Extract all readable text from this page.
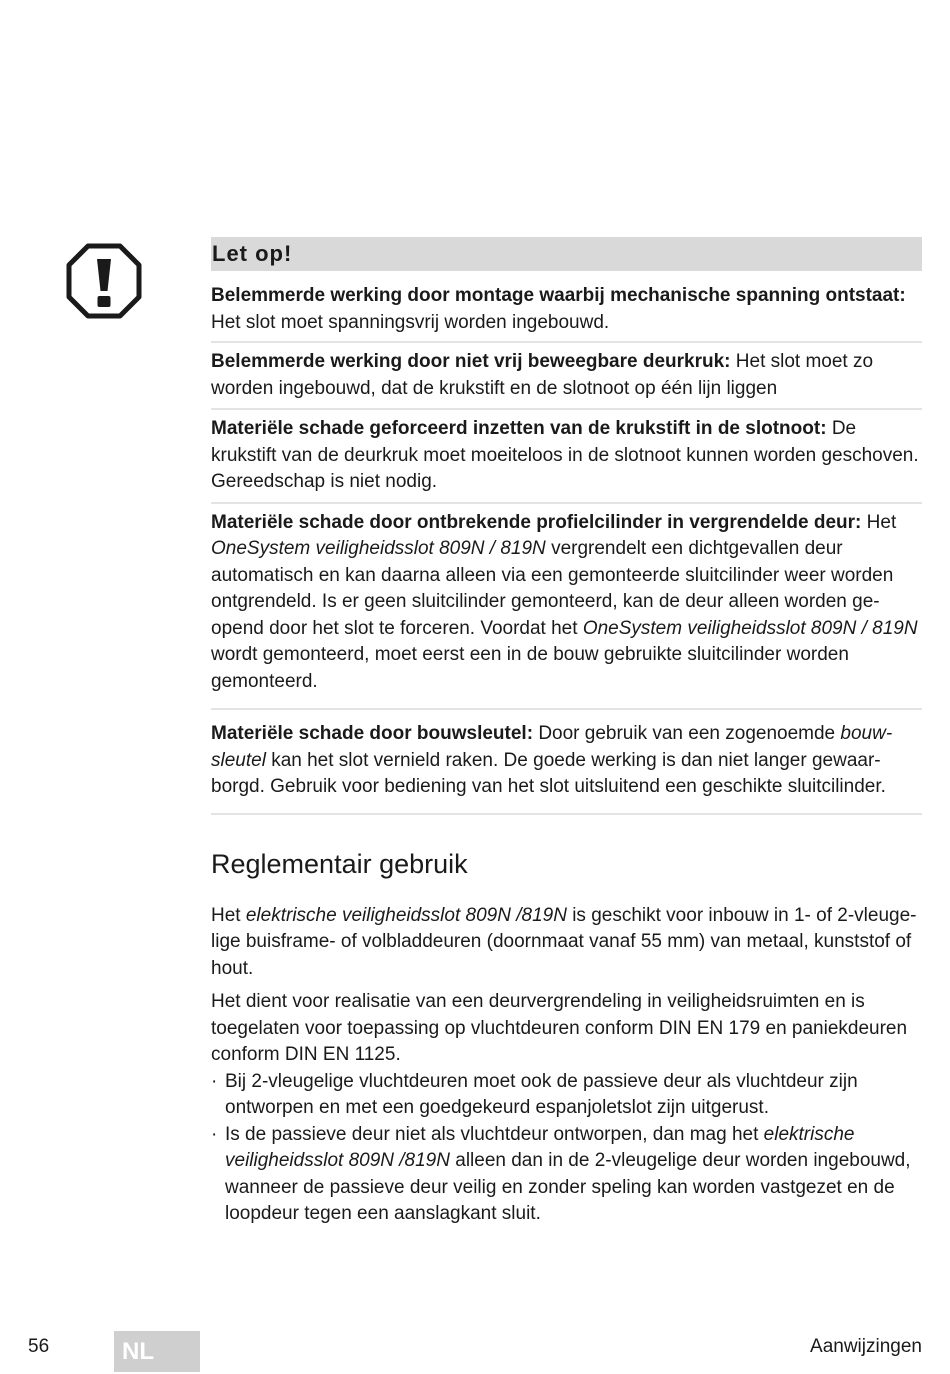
Let op!
Belemmerde werking door montage waarbij mechanische spanning ontstaat: Het slot moet spanningsvrij worden ingebouwd.
Belemmerde werking door niet vrij beweegbare deurkruk: Het slot moet zo worden ingebouwd, dat de krukstift en de slotnoot op één lijn liggen
Materiële schade geforceerd inzetten van de krukstift in de slotnoot: De krukstift van de deurkruk moet moeiteloos in de slotnoot kunnen worden geschoven. Gereedschap is niet nodig.
Materiële schade door ontbrekende profielcilinder in vergrendelde deur: Het OneSystem veiligheidsslot 809N / 819N vergrendelt een dichtgevallen deur automatisch en kan daarna alleen via een gemonteerde sluitcilinder weer worden ontgrendeld. Is er geen sluitcilinder gemonteerd, kan de deur alleen worden geopend door het slot te forceren. Voordat het OneSystem veiligheidsslot 809N / 819N wordt gemonteerd, moet eerst een in de bouw gebruikte sluitcilinder worden gemonteerd.
Materiële schade door bouwsleutel: Door gebruik van een zogenoemde bouwsleutel kan het slot vernield raken. De goede werking is dan niet langer gewaarborgd. Gebruik voor bediening van het slot uitsluitend een geschikte sluitcilinder.
Reglementair gebruik

Het elektrische veiligheidsslot 809N /819N is geschikt voor inbouw in 1- of 2-vleugelige buisframe- of volbladdeuren (doornmaat vanaf 55 mm) van metaal, kunststof of hout.

Het dient voor realisatie van een deurvergrendeling in veiligheidsruimten en is toegelaten voor toepassing op vluchtdeuren conform DIN EN 179 en paniekdeuren conform DIN EN 1125.

· Bij 2-vleugelige vluchtdeuren moet ook de passieve deur als vluchtdeur zijn ontworpen en met een goedgekeurd espanjoletslot zijn uitgerust.
· Is de passieve deur niet als vluchtdeur ontworpen, dan mag het elektrische veiligheidsslot 809N /819N alleen dan in de 2-vleugelige deur worden ingebouwd, wanneer de passieve deur veilig en zonder speling kan worden vastgezet en de loopdeur tegen een aanslagkant sluit.
56	NL	Aanwijzingen
